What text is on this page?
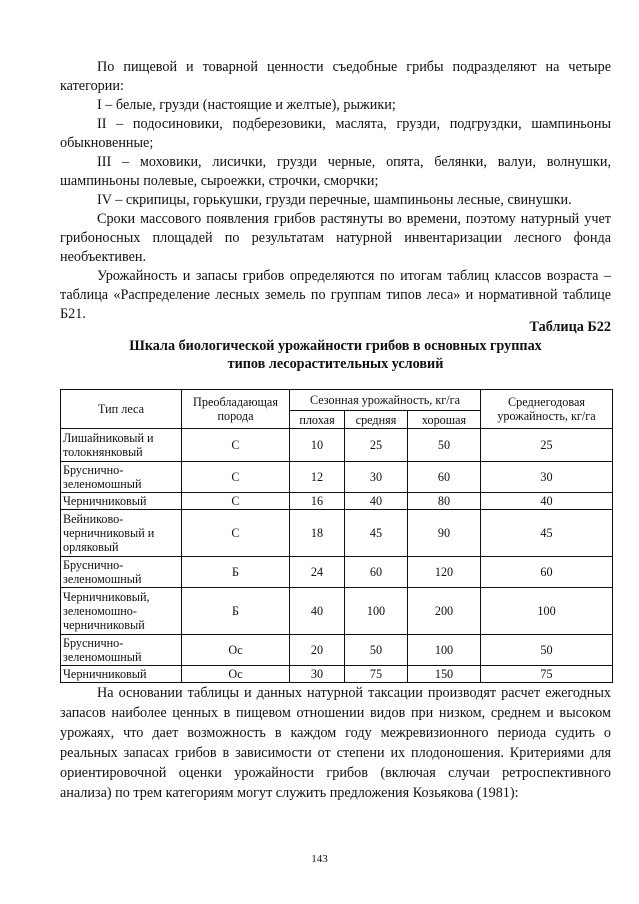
По пищевой и товарной ценности съедобные грибы подразделяют на четыре категории:

I – белые, грузди (настоящие и желтые), рыжики;

II – подосиновики, подберезовики, маслята, грузди, подгруздки, шампиньоны обыкновенные;

III – моховики, лисички, грузди черные, опята, белянки, валуи, волнушки, шампиньоны полевые, сыроежки, строчки, сморчки;

IV – скрипицы, горькушки, грузди перечные, шампиньоны лесные, свинушки.

Сроки массового появления грибов растянуты во времени, поэтому натурный учет грибоносных площадей по результатам натурной инвентаризации лесного фонда необъективен.

Урожайность и запасы грибов определяются по итогам таблиц классов возраста – таблица «Распределение лесных земель по группам типов леса» и нормативной таблице Б21.

Таблица Б22
Шкала биологической урожайности грибов в основных группах
типов лесорастительных условий
Тип леса	Преобладающая порода	Сезонная урожайность, кг/га			Среднегодовая урожайность, кг/га
		плохая	средняя	хорошая	
Лишайниковый и толокнянковый	С	10	25	50	25
Бруснично-зеленомошный	С	12	30	60	30
Черничниковый	С	16	40	80	40
Вейниково-черничниковый и орляковый	С	18	45	90	45
Бруснично-зеленомошный	Б	24	60	120	60
Черничниковый, зеленомошно-черничниковый	Б	40	100	200	100
Бруснично-зеленомошный	Ос	20	50	100	50
Черничниковый	Ос	30	75	150	75

На основании таблицы и данных натурной таксации производят расчет ежегодных запасов наиболее ценных в пищевом отношении видов при низком, среднем и высоком урожаях, что дает возможность в каждом году межревизионного периода судить о реальных запасах грибов в зависимости от степени их плодоношения. Критериями для ориентировочной оценки урожайности грибов (включая случаи ретроспективного анализа) по трем категориям могут служить предложения Козьякова (1981):

143
